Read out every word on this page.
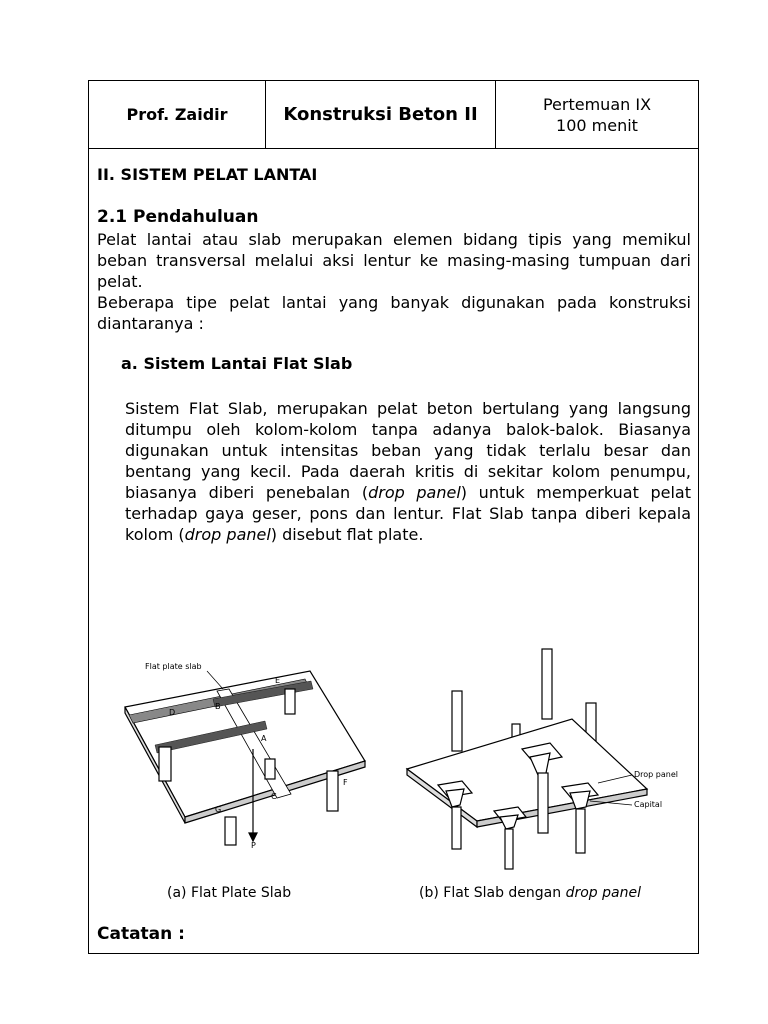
Prof. Zaidir	Konstruksi Beton II	Pertemuan IX
100 menit
II. SISTEM PELAT LANTAI
2.1 Pendahuluan

Pelat lantai atau slab merupakan elemen bidang tipis yang memikul beban transversal melalui aksi lentur ke masing-masing tumpuan dari pelat.

Beberapa tipe pelat lantai yang banyak digunakan pada konstruksi diantaranya :

a. Sistem Lantai Flat Slab

Sistem Flat Slab, merupakan pelat beton bertulang yang langsung ditumpu oleh kolom-kolom tanpa adanya balok-balok. Biasanya digunakan untuk intensitas beban yang tidak terlalu besar dan bentang yang kecil. Pada daerah kritis di sekitar kolom penumpu, biasanya diberi penebalan (drop panel) untuk memperkuat pelat terhadap gaya geser, pons dan lentur. Flat Slab tanpa diberi kepala kolom (drop panel) disebut flat plate.

Flat plate slab
A
B
C
D
E
F
G
P
Drop panel
Capital
(a) Flat Plate Slab	(b) Flat Slab dengan drop panel
Catatan :
